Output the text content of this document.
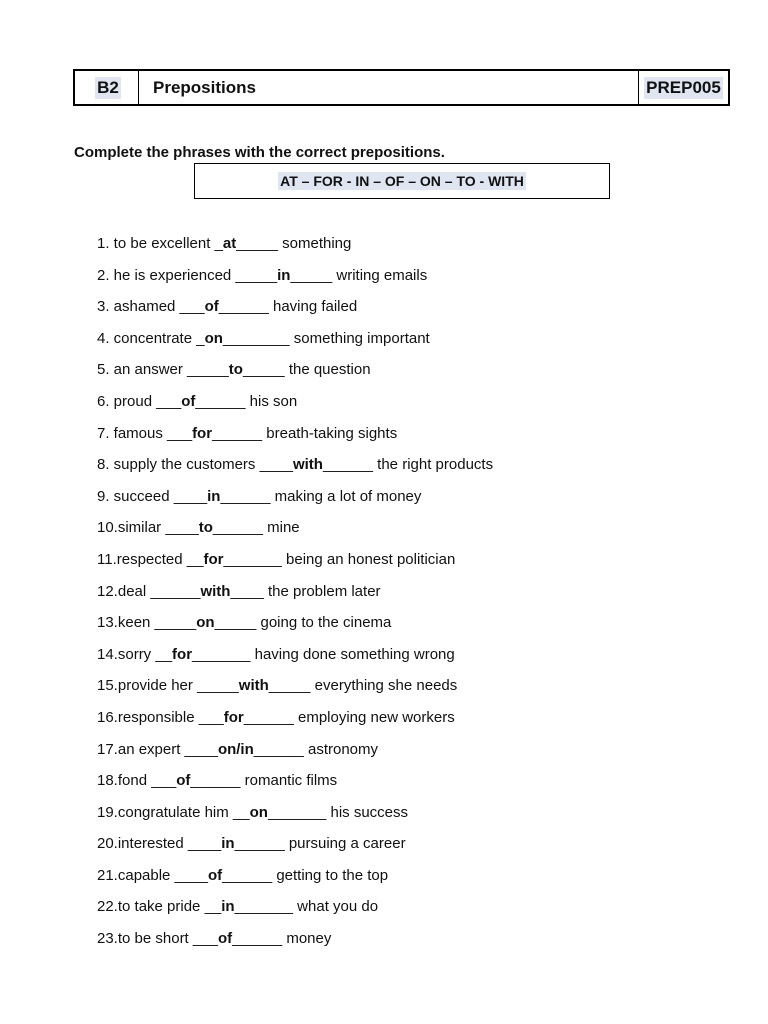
B2 Prepositions	PREP005
Complete the phrases with the correct prepositions.
AT – FOR - IN – OF – ON – TO - WITH
1. to be excellent _at_____ something
2. he is experienced _____in_____ writing emails
3. ashamed ___of______ having failed
4. concentrate _on________ something important
5. an answer _____to_____ the question
6. proud ___of______ his son
7. famous ___for______ breath-taking sights
8. supply the customers ____with______ the right products
9. succeed ____in______ making a lot of money
10.similar ____to______ mine
11.respected __for_______ being an honest politician
12.deal ______with____ the problem later
13.keen _____on_____ going to the cinema
14.sorry __for_______ having done something wrong
15.provide her _____with_____ everything she needs
16.responsible ___for______ employing new workers
17.an expert ____on/in______ astronomy
18.fond ___of______ romantic films
19.congratulate him __on_______ his success
20.interested ____in______ pursuing a career
21.capable ____of______ getting to the top
22.to take pride __in_______ what you do
23.to be short ___of______ money
